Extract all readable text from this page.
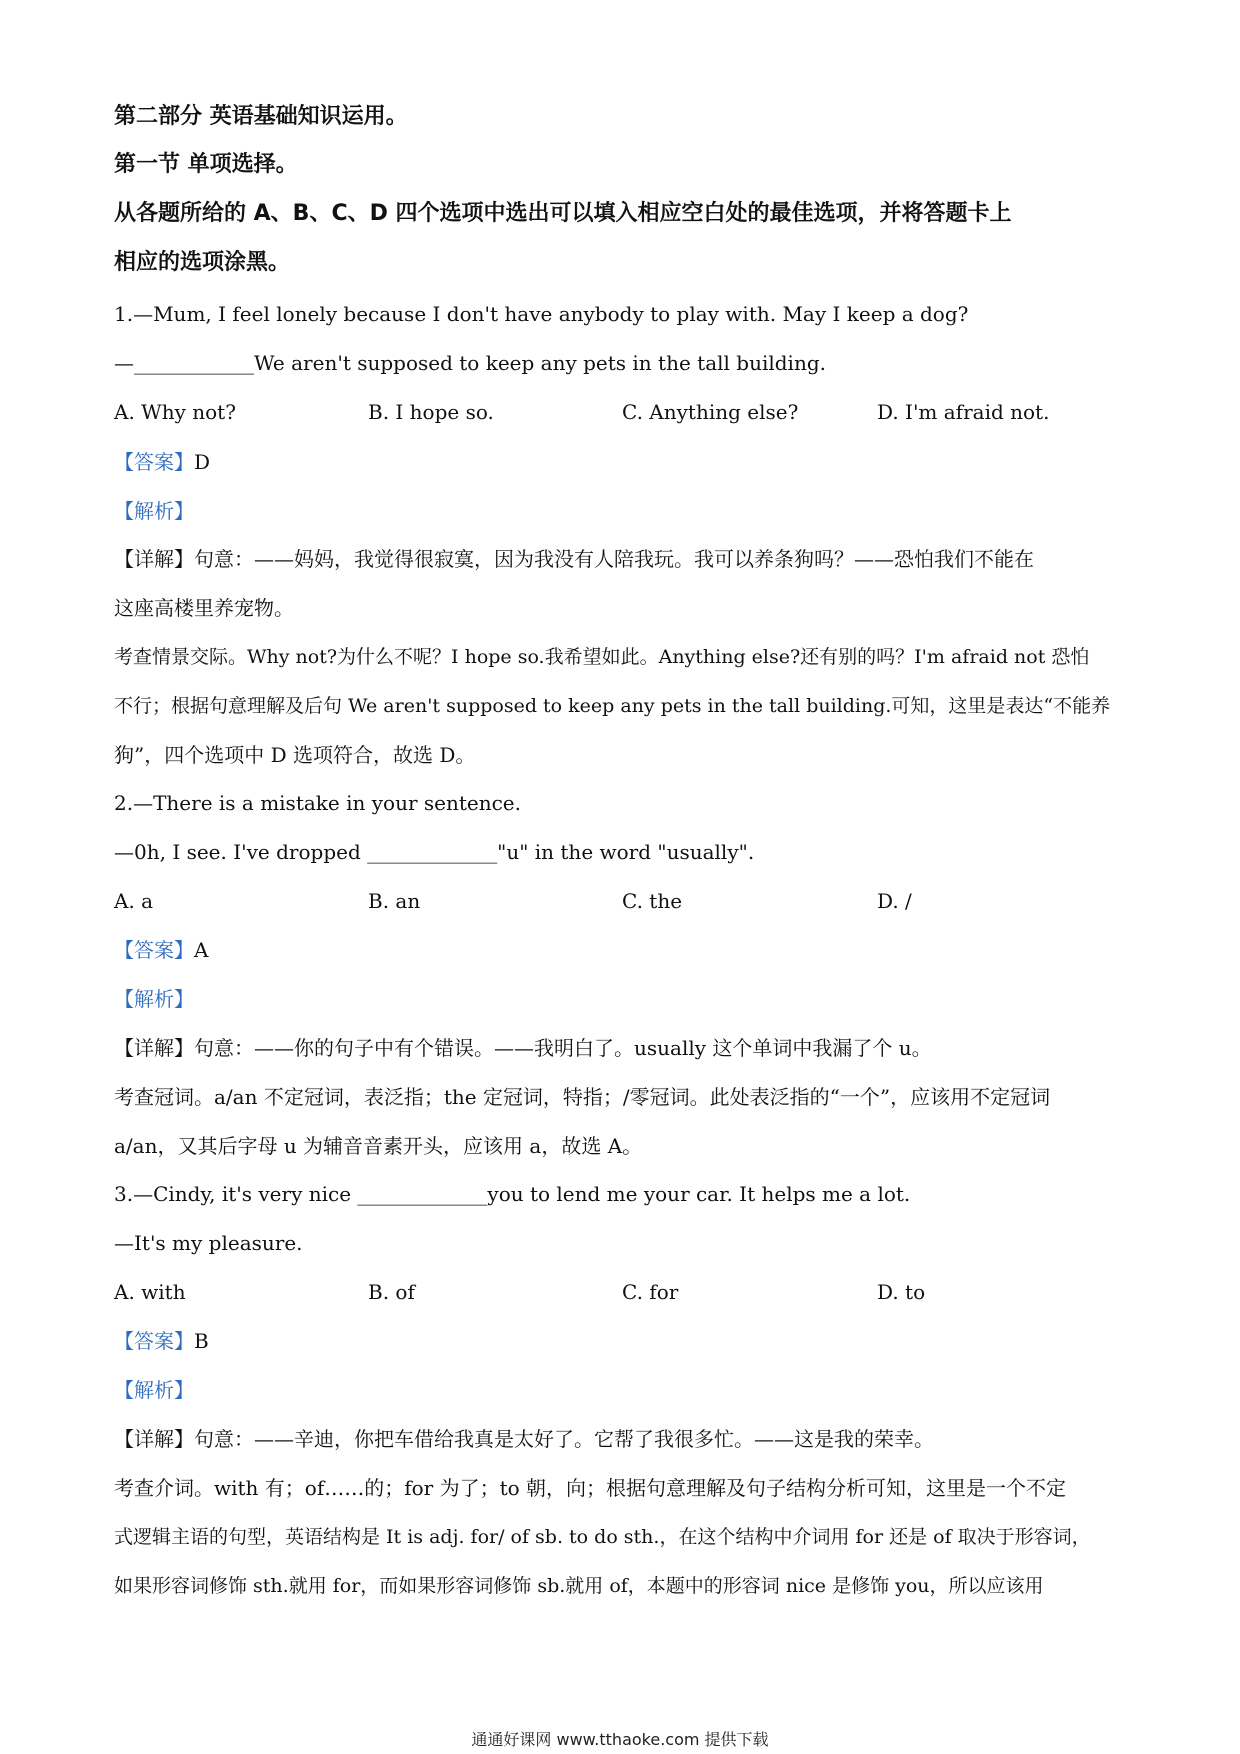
第二部分 英语基础知识运用。
第一节 单项选择。
从各题所给的 A、B、C、D 四个选项中选出可以填入相应空白处的最佳选项，并将答题卡上
相应的选项涂黑。
1.—Mum, I feel lonely because I don't have anybody to play with. May I keep a dog?
—____________We aren't supposed to keep any pets in the tall building.
A. Why not?	B. I hope so.	C. Anything else?	D. I'm afraid not.
【答案】D
【解析】
【详解】句意：——妈妈，我觉得很寂寞，因为我没有人陪我玩。我可以养条狗吗？——恐怕我们不能在
这座高楼里养宠物。
考查情景交际。Why not?为什么不呢？I hope so.我希望如此。Anything else?还有别的吗？I'm afraid not 恐怕
不行；根据句意理解及后句 We aren't supposed to keep any pets in the tall building.可知，这里是表达“不能养
狗”，四个选项中 D 选项符合，故选 D。
2.—There is a mistake in your sentence.
—0h, I see. I've dropped _____________"u" in the word "usually".
A. a	B. an	C. the	D. /
【答案】A
【解析】
【详解】句意：——你的句子中有个错误。——我明白了。usually 这个单词中我漏了个 u。
考查冠词。a/an 不定冠词，表泛指；the 定冠词，特指；/零冠词。此处表泛指的“一个”，应该用不定冠词
a/an，又其后字母 u 为辅音音素开头，应该用 a，故选 A。
3.—Cindy, it's very nice _____________you to lend me your car. It helps me a lot.
—It's my pleasure.
A. with	B. of	C. for	D. to
【答案】B
【解析】
【详解】句意：——辛迪，你把车借给我真是太好了。它帮了我很多忙。——这是我的荣幸。
考查介词。with 有；of……的；for 为了；to 朝，向；根据句意理解及句子结构分析可知，这里是一个不定
式逻辑主语的句型，英语结构是 It is adj. for/ of sb. to do sth.，在这个结构中介词用 for 还是 of 取决于形容词，
如果形容词修饰 sth.就用 for，而如果形容词修饰 sb.就用 of，本题中的形容词 nice 是修饰 you，所以应该用
通通好课网 www.tthaoke.com 提供下载
